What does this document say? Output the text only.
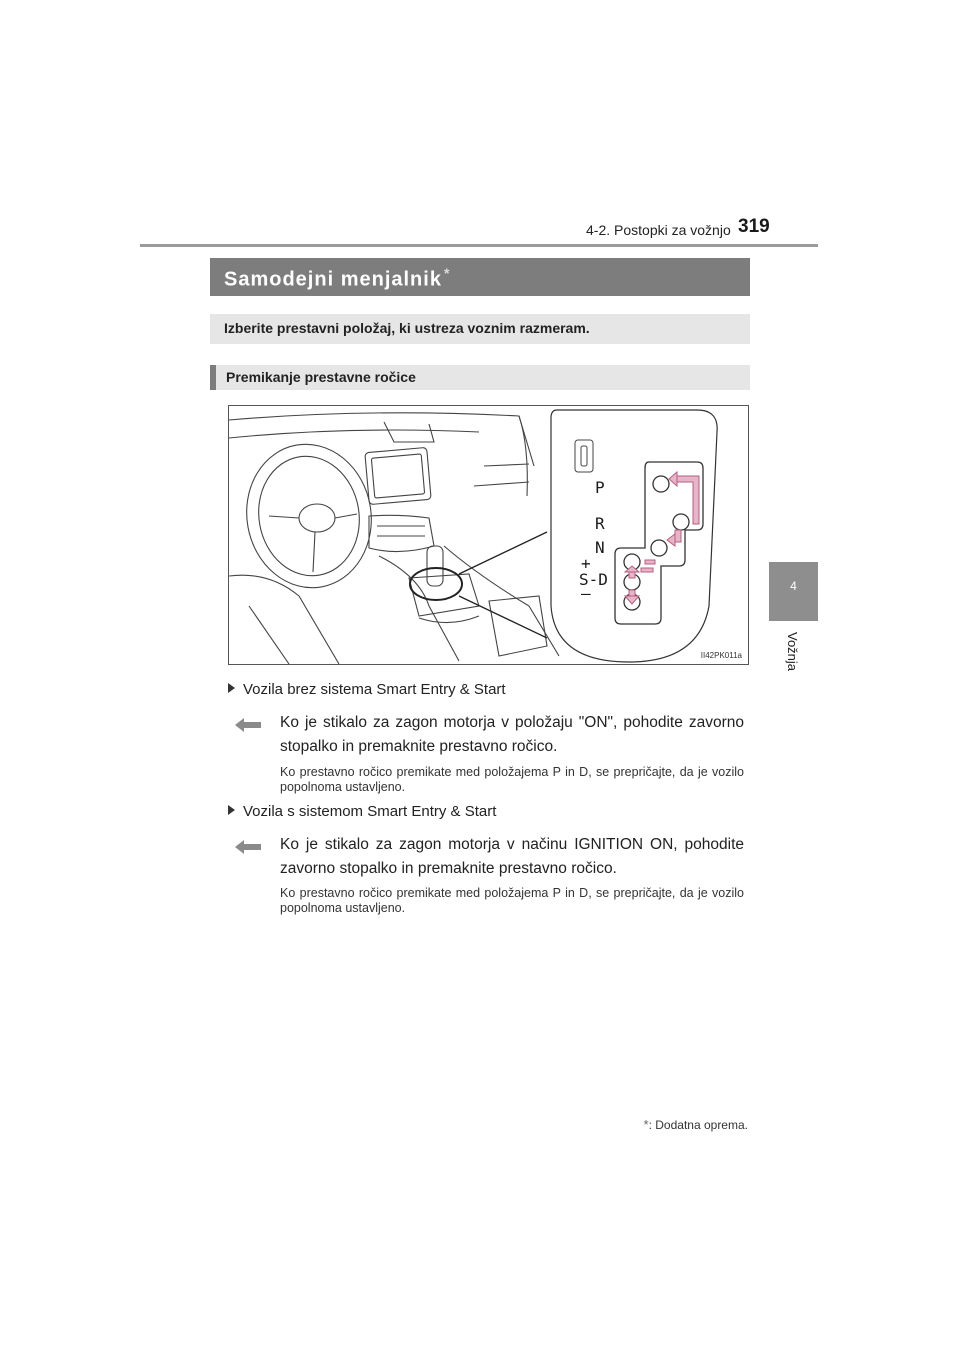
4-2. Postopki za vožnjo 319
4
Vožnja
Samodejni menjalnik *
Izberite prestavni položaj, ki ustreza voznim razmeram.
Premikanje prestavne ročice
P
R
N
+
S-D
–
II42PK011a
Vozila brez sistema Smart Entry & Start
Ko je stikalo za zagon motorja v položaju "ON", pohodite zavorno stopalko in premaknite prestavno ročico.
Ko prestavno ročico premikate med položajema P in D, se prepričajte, da je vozilo popolnoma ustavljeno.
Vozila s sistemom Smart Entry & Start
Ko je stikalo za zagon motorja v načinu IGNITION ON, pohodite zavorno stopalko in premaknite prestavno ročico.
Ko prestavno ročico premikate med položajema P in D, se prepričajte, da je vozilo popolnoma ustavljeno.
*: Dodatna oprema.
